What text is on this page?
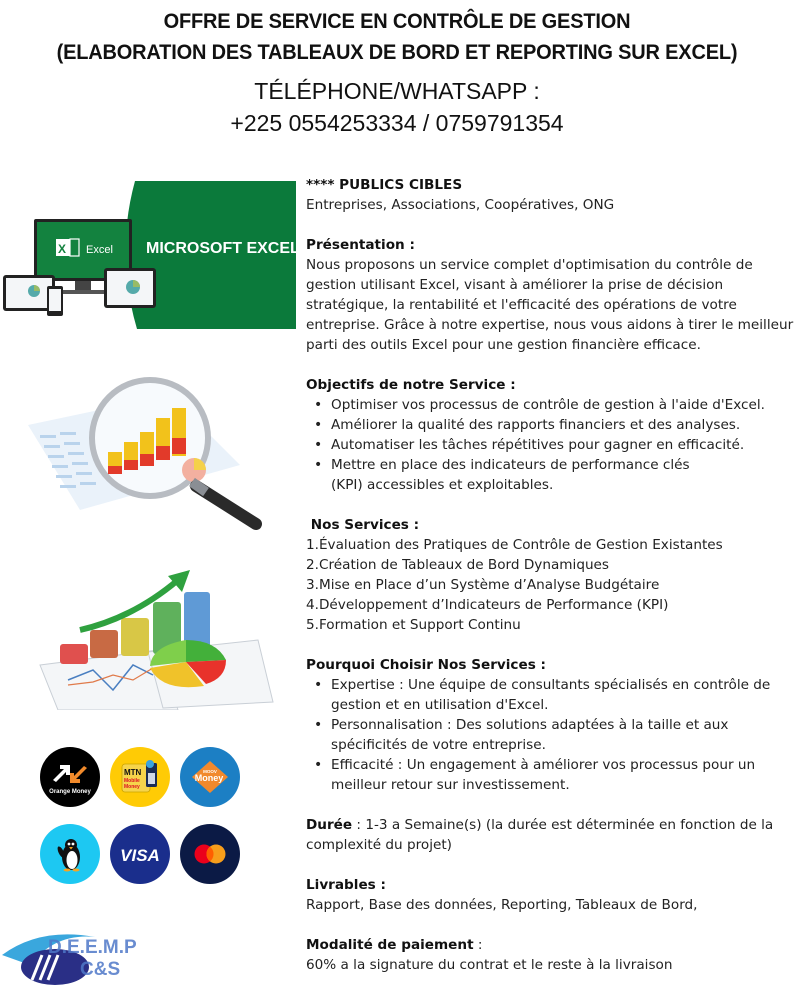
OFFRE DE SERVICE EN CONTRÔLE DE GESTION
(ELABORATION DES TABLEAUX DE BORD ET REPORTING SUR EXCEL)
TÉLÉPHONE/WHATSAPP :
+225 0554253334 / 0759791354
X Excel MICROSOFT EXCEL
Orange Money
MTN
Mobile
Money
MOOV
Money
VISA
D.E.E.M.P
C&S

**** PUBLICS CIBLES

Entreprises, Associations, Coopératives, ONG

Présentation :

Nous proposons un service complet d'optimisation du contrôle de

gestion utilisant Excel, visant à améliorer la prise de décision

stratégique, la rentabilité et l'efficacité des opérations de votre

entreprise. Grâce à notre expertise, nous vous aidons à tirer le meilleur

parti des outils Excel pour une gestion financière efficace.

Objectifs de notre Service :

• Optimiser vos processus de contrôle de gestion à l'aide d'Excel.
• Améliorer la qualité des rapports financiers et des analyses.
• Automatiser les tâches répétitives pour gagner en efficacité.
• Mettre en place des indicateurs de performance clés (KPI) accessibles et exploitables.

Nos Services :

1.Évaluation des Pratiques de Contrôle de Gestion Existantes
2.Création de Tableaux de Bord Dynamiques
3.Mise en Place d’un Système d’Analyse Budgétaire
4.Développement d’Indicateurs de Performance (KPI)
5.Formation et Support Continu

Pourquoi Choisir Nos Services :

• Expertise : Une équipe de consultants spécialisés en contrôle de gestion et en utilisation d'Excel.
• Personnalisation : Des solutions adaptées à la taille et aux spécificités de votre entreprise.
• Efficacité : Un engagement à améliorer vos processus pour un meilleur retour sur investissement.

Durée : 1-3 a Semaine(s) (la durée est déterminée en fonction de la complexité du projet)

Livrables :

Rapport, Base des données, Reporting, Tableaux de Bord,

Modalité de paiement :

60% a la signature du contrat et le reste à la livraison
